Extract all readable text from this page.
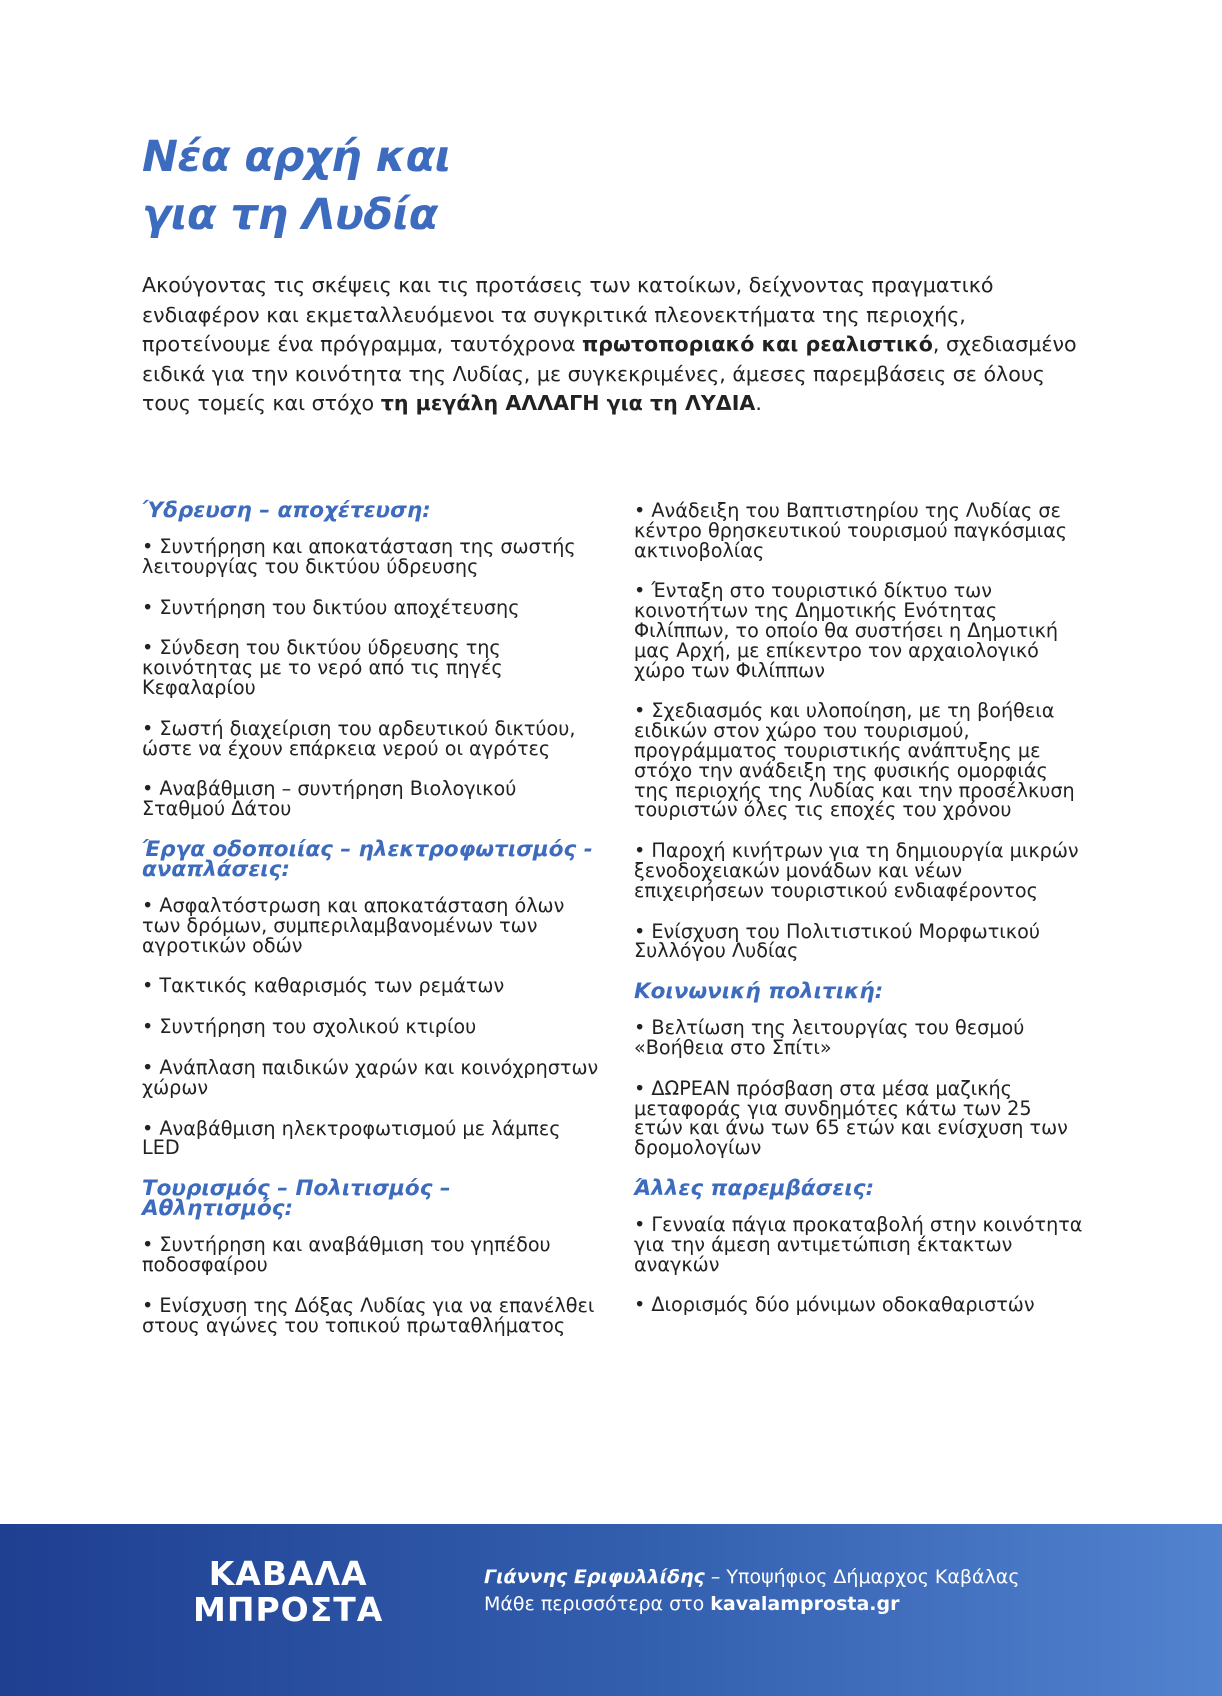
Νέα αρχή και
για τη Λυδία

Ακούγοντας τις σκέψεις και τις προτάσεις των κατοίκων, δείχνοντας πραγματικό ενδιαφέρον και εκμεταλλευόμενοι τα συγκριτικά πλεονεκτήματα της περιοχής, προτείνουμε ένα πρόγραμμα, ταυτόχρονα πρωτοποριακό και ρεαλιστικό, σχεδιασμένο ειδικά για την κοινότητα της Λυδίας, με συγκεκριμένες, άμεσες παρεμβάσεις σε όλους τους τομείς και στόχο τη μεγάλη ΑΛΛΑΓΗ για τη ΛΥΔΙΑ.

Ύδρευση – αποχέτευση:

• Συντήρηση και αποκατάσταση της σωστής λειτουργίας του δικτύου ύδρευσης

• Συντήρηση του δικτύου αποχέτευσης

• Σύνδεση του δικτύου ύδρευσης της κοινότητας με το νερό από τις πηγές Κεφαλαρίου

• Σωστή διαχείριση του αρδευτικού δικτύου, ώστε να έχουν επάρκεια νερού οι αγρότες

• Αναβάθμιση – συντήρηση Βιολογικού Σταθμού Δάτου

Έργα οδοποιίας – ηλεκτροφωτισμός - αναπλάσεις:

• Ασφαλτόστρωση και αποκατάσταση όλων των δρόμων, συμπεριλαμβανομένων των αγροτικών οδών

• Τακτικός καθαρισμός των ρεμάτων

• Συντήρηση του σχολικού κτιρίου

• Ανάπλαση παιδικών χαρών και κοινόχρηστων χώρων

• Αναβάθμιση ηλεκτροφωτισμού με λάμπες LED

Τουρισμός – Πολιτισμός – Αθλητισμός:

• Συντήρηση και αναβάθμιση του γηπέδου ποδοσφαίρου

• Ενίσχυση της Δόξας Λυδίας για να επανέλθει στους αγώνες του τοπικού πρωταθλήματος

• Ανάδειξη του Βαπτιστηρίου της Λυδίας σε κέντρο θρησκευτικού τουρισμού παγκόσμιας ακτινοβολίας

• Ένταξη στο τουριστικό δίκτυο των κοινοτήτων της Δημοτικής Ενότητας Φιλίππων, το οποίο θα συστήσει η Δημοτική μας Αρχή, με επίκεντρο τον αρχαιολογικό χώρο των Φιλίππων

• Σχεδιασμός και υλοποίηση, με τη βοήθεια ειδικών στον χώρο του τουρισμού, προγράμματος τουριστικής ανάπτυξης με στόχο την ανάδειξη της φυσικής ομορφιάς της περιοχής της Λυδίας και την προσέλκυση τουριστών όλες τις εποχές του χρόνου

• Παροχή κινήτρων για τη δημιουργία μικρών ξενοδοχειακών μονάδων και νέων επιχειρήσεων τουριστικού ενδιαφέροντος

• Ενίσχυση του Πολιτιστικού Μορφωτικού Συλλόγου Λυδίας

Κοινωνική πολιτική:

• Βελτίωση της λειτουργίας του θεσμού «Βοήθεια στο Σπίτι»

• ΔΩΡΕΑΝ πρόσβαση στα μέσα μαζικής μεταφοράς για συνδημότες κάτω των 25 ετών και άνω των 65 ετών και ενίσχυση των δρομολογίων

Άλλες παρεμβάσεις:

• Γενναία πάγια προκαταβολή στην κοινότητα για την άμεση αντιμετώπιση έκτακτων αναγκών

• Διορισμός δύο μόνιμων οδοκαθαριστών

ΚΑΒΑΛΑ
ΜΠΡΟΣΤΑ
Γιάννης Εριφυλλίδης – Υποψήφιος Δήμαρχος Καβάλας
Μάθε περισσότερα στο kavalamprosta.gr
